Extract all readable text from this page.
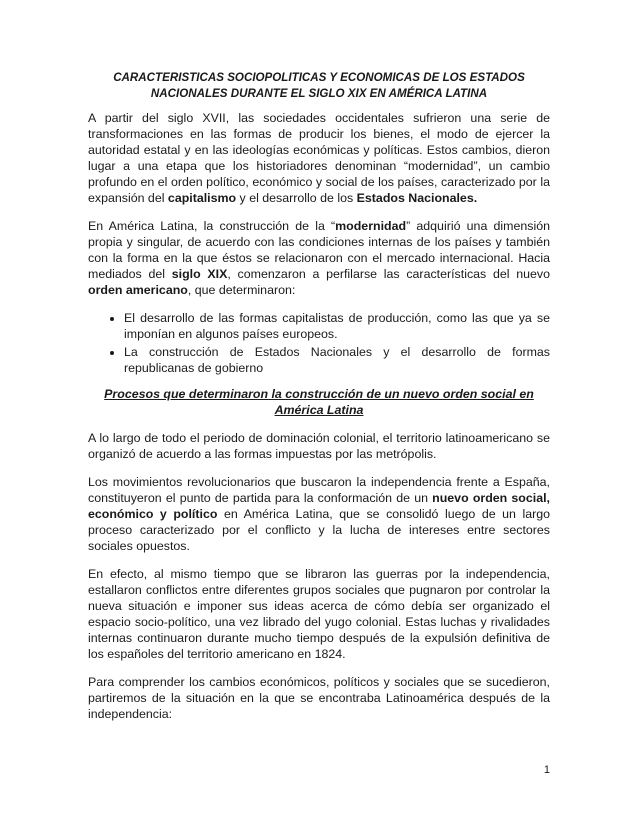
CARACTERISTICAS SOCIOPOLITICAS Y ECONOMICAS DE LOS ESTADOS
NACIONALES DURANTE EL SIGLO XIX EN AMÉRICA LATINA

A partir del siglo XVII, las sociedades occidentales sufrieron una serie de transformaciones en las formas de producir los bienes, el modo de ejercer la autoridad estatal y en las ideologías económicas y políticas. Estos cambios, dieron lugar a una etapa que los historiadores denominan “modernidad”, un cambio profundo en el orden político, económico y social de los países, caracterizado por la expansión del capitalismo y el desarrollo de los Estados Nacionales.

En América Latina, la construcción de la “modernidad” adquirió una dimensión propia y singular, de acuerdo con las condiciones internas de los países y también con la forma en la que éstos se relacionaron con el mercado internacional. Hacia mediados del siglo XIX, comenzaron a perfilarse las características del nuevo orden americano, que determinaron:

• El desarrollo de las formas capitalistas de producción, como las que ya se imponían en algunos países europeos.
• La construcción de Estados Nacionales y el desarrollo de formas republicanas de gobierno
Procesos que determinaron la construcción de un nuevo orden social en
América Latina

A lo largo de todo el periodo de dominación colonial, el territorio latinoamericano se organizó de acuerdo a las formas impuestas por las metrópolis.

Los movimientos revolucionarios que buscaron la independencia frente a España, constituyeron el punto de partida para la conformación de un nuevo orden social, económico y político en América Latina, que se consolidó luego de un largo proceso caracterizado por el conflicto y la lucha de intereses entre sectores sociales opuestos.

En efecto, al mismo tiempo que se libraron las guerras por la independencia, estallaron conflictos entre diferentes grupos sociales que pugnaron por controlar la nueva situación e imponer sus ideas acerca de cómo debía ser organizado el espacio socio-político, una vez librado del yugo colonial. Estas luchas y rivalidades internas continuaron durante mucho tiempo después de la expulsión definitiva de los españoles del territorio americano en 1824.

Para comprender los cambios económicos, políticos y sociales que se sucedieron, partiremos de la situación en la que se encontraba Latinoamérica después de la independencia:

1
